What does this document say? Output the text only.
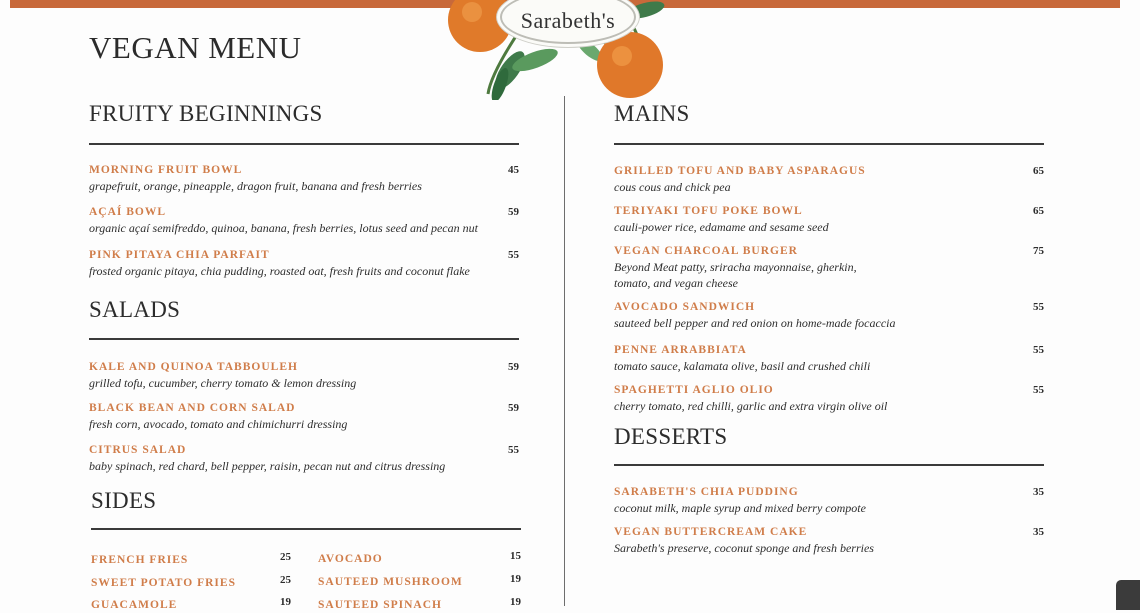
Sarabeth's
VEGAN MENU
FRUITY BEGINNINGS
MORNING FRUIT BOWL
grapefruit, orange, pineapple, dragon fruit, banana and fresh berries
45
AÇAÍ BOWL
organic açaí semifreddo, quinoa, banana, fresh berries, lotus seed and pecan nut
59
PINK PITAYA CHIA PARFAIT
frosted organic pitaya, chia pudding, roasted oat, fresh fruits and coconut flake
55
SALADS
KALE AND QUINOA TABBOULEH
grilled tofu, cucumber, cherry tomato & lemon dressing
59
BLACK BEAN AND CORN SALAD
fresh corn, avocado, tomato and chimichurri dressing
59
CITRUS SALAD
baby spinach, red chard, bell pepper, raisin, pecan nut and citrus dressing
55
SIDES
FRENCH FRIES	25
SWEET POTATO FRIES	25
GUACAMOLE	19
AVOCADO	15
SAUTEED MUSHROOM	19
SAUTEED SPINACH	19
MAINS
GRILLED TOFU AND BABY ASPARAGUS
cous cous and chick pea
65
TERIYAKI TOFU POKE BOWL
cauli-power rice, edamame and sesame seed
65
VEGAN CHARCOAL BURGER
Beyond Meat patty, sriracha mayonnaise, gherkin,
tomato, and vegan cheese
75
AVOCADO SANDWICH
sauteed bell pepper and red onion on home-made focaccia
55
PENNE ARRABBIATA
tomato sauce, kalamata olive, basil and crushed chili
55
SPAGHETTI AGLIO OLIO
cherry tomato, red chilli, garlic and extra virgin olive oil
55
DESSERTS
SARABETH'S CHIA PUDDING
coconut milk, maple syrup and mixed berry compote
35
VEGAN BUTTERCREAM CAKE
Sarabeth's preserve, coconut sponge and fresh berries
35
